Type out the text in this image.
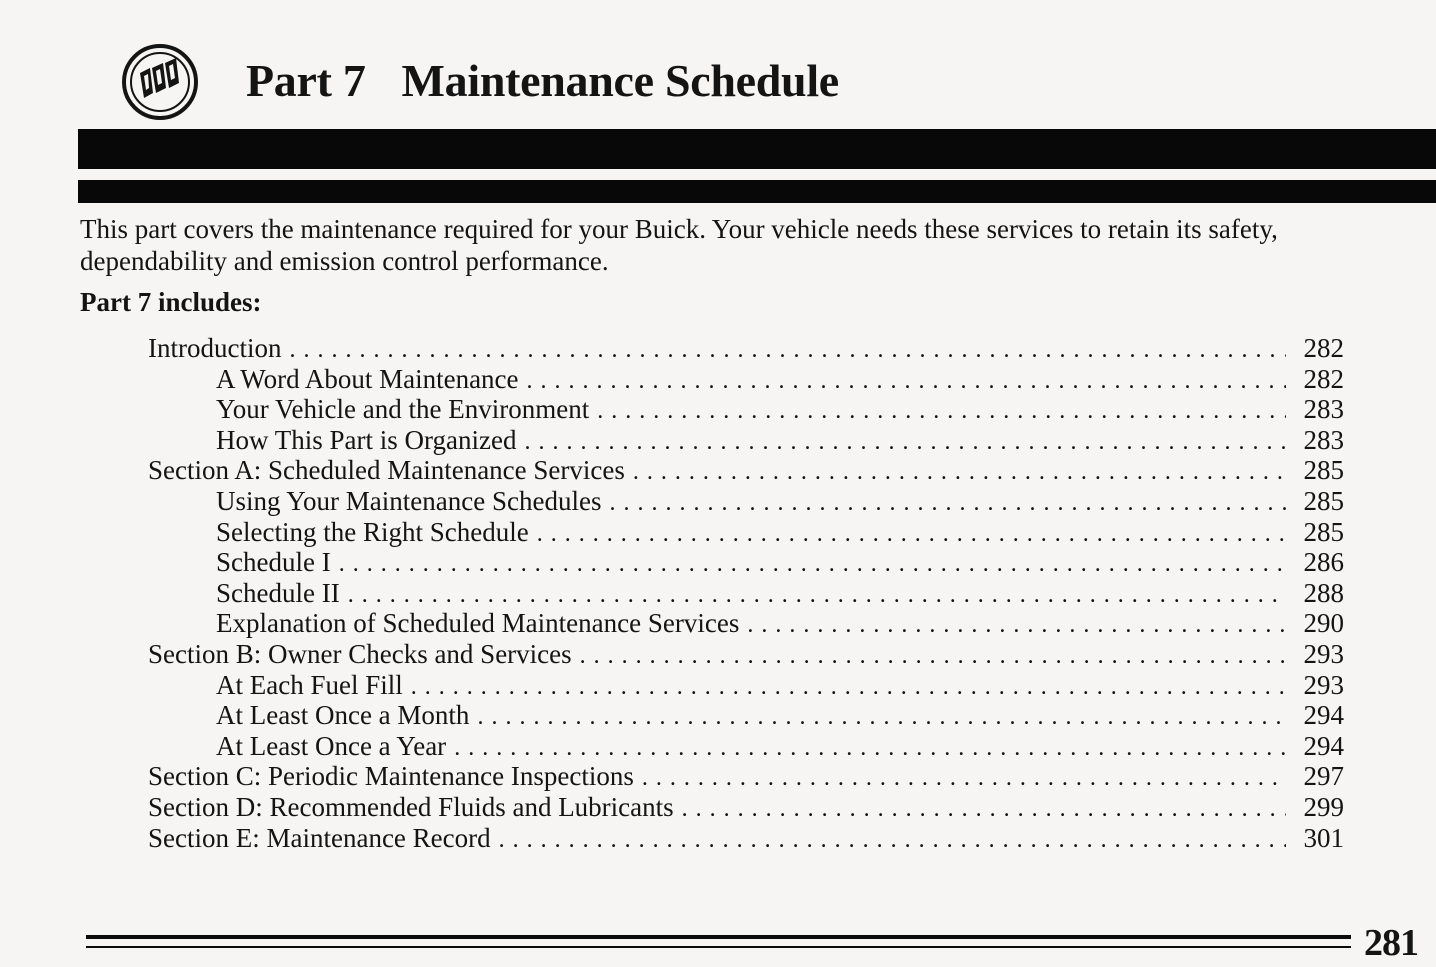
Part 7 Maintenance Schedule

This part covers the maintenance required for your Buick. Your vehicle needs these services to retain its safety, dependability and emission control performance.

Part 7 includes:
Introduction . . .	282
A Word About Maintenance . . .	282
Your Vehicle and the Environment . . .	283
How This Part is Organized . . .	283
Section A: Scheduled Maintenance Services . . .	285
Using Your Maintenance Schedules . . .	285
Selecting the Right Schedule . . .	285
Schedule I . . .	286
Schedule II . . .	288
Explanation of Scheduled Maintenance Services . . .	290
Section B: Owner Checks and Services . . .	293
At Each Fuel Fill . . .	293
At Least Once a Month . . .	294
At Least Once a Year . . .	294
Section C: Periodic Maintenance Inspections . . .	297
Section D: Recommended Fluids and Lubricants . . .	299
Section E: Maintenance Record . . .	301
281
